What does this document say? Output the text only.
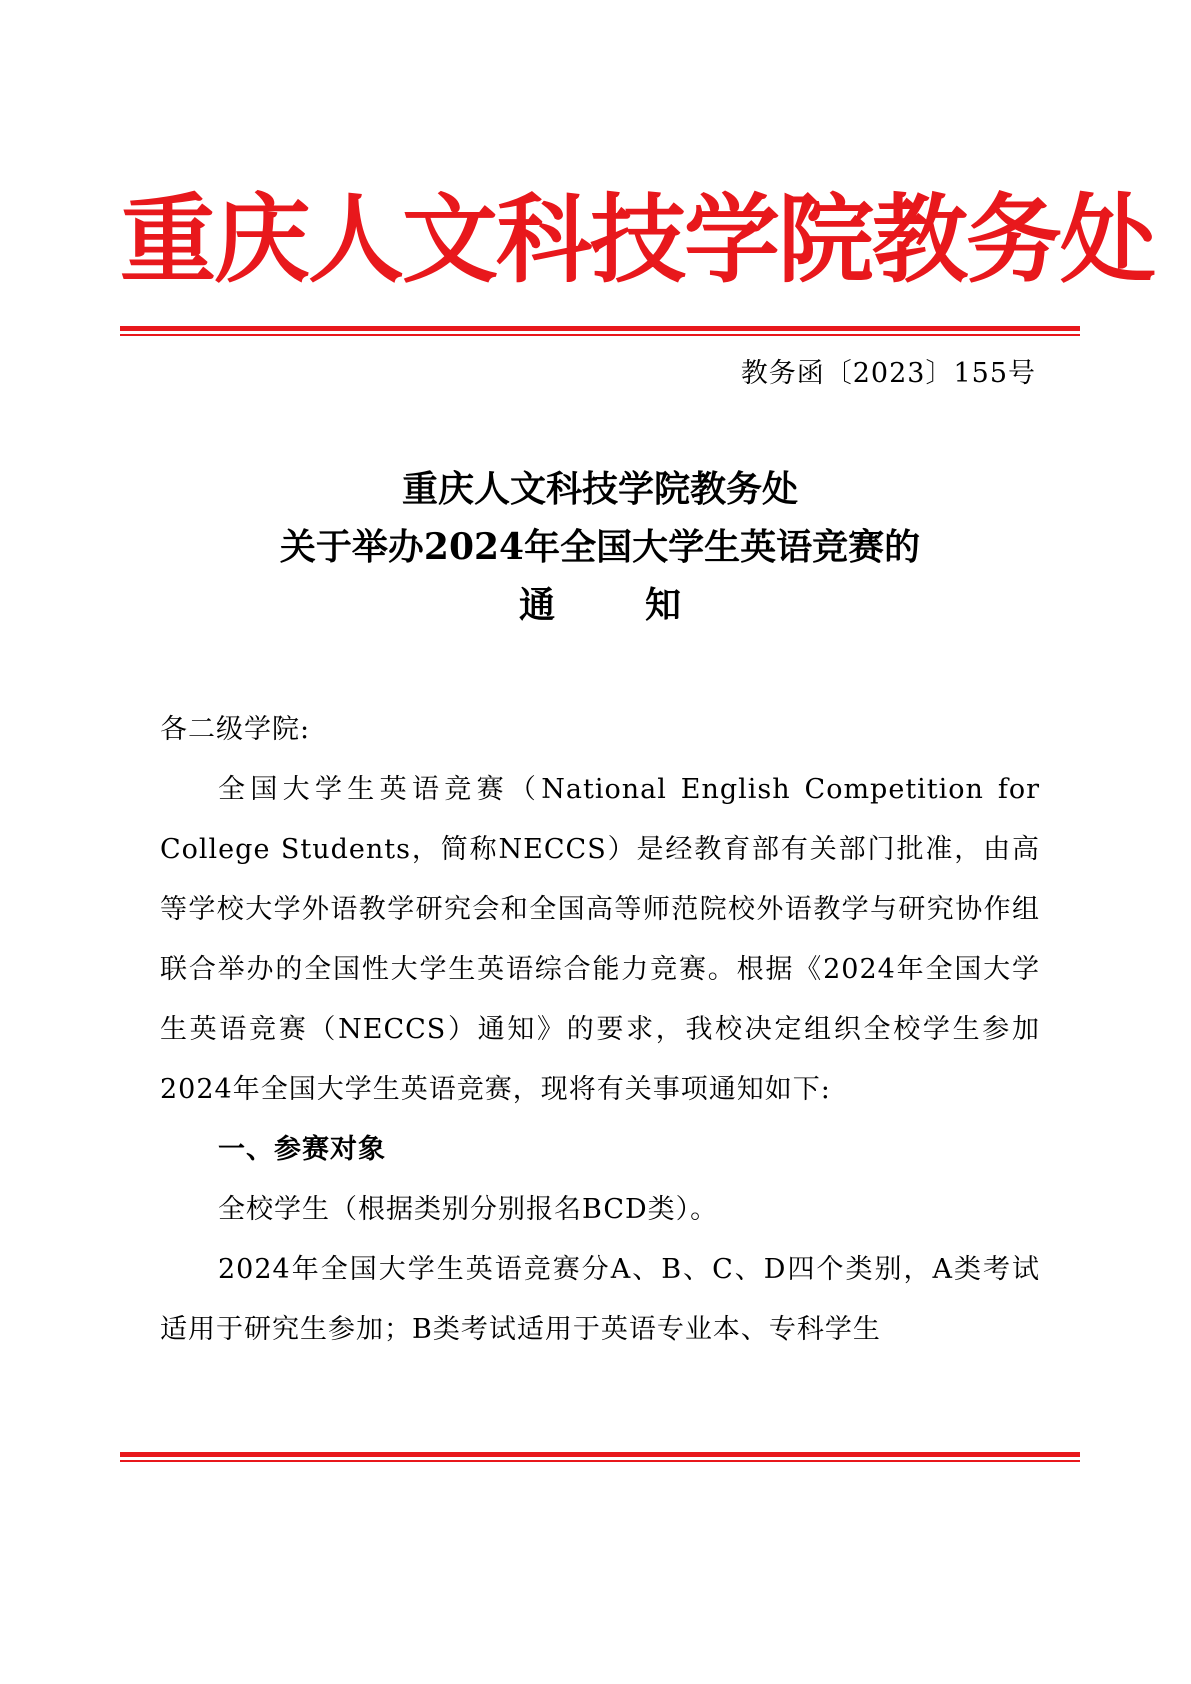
重庆人文科技学院教务处
教务函〔2023〕155号
重庆人文科技学院教务处
关于举办2024年全国大学生英语竞赛的
通知

各二级学院:

全国大学生英语竞赛（National English Competition for College Students，简称NECCS）是经教育部有关部门批准，由高等学校大学外语教学研究会和全国高等师范院校外语教学与研究协作组联合举办的全国性大学生英语综合能力竞赛。根据《2024年全国大学生英语竞赛（NECCS）通知》的要求，我校决定组织全校学生参加2024年全国大学生英语竞赛，现将有关事项通知如下:

一、参赛对象

全校学生（根据类别分别报名BCD类）。

2024年全国大学生英语竞赛分A、B、C、D四个类别，A类考试适用于研究生参加；B类考试适用于英语专业本、专科学生
